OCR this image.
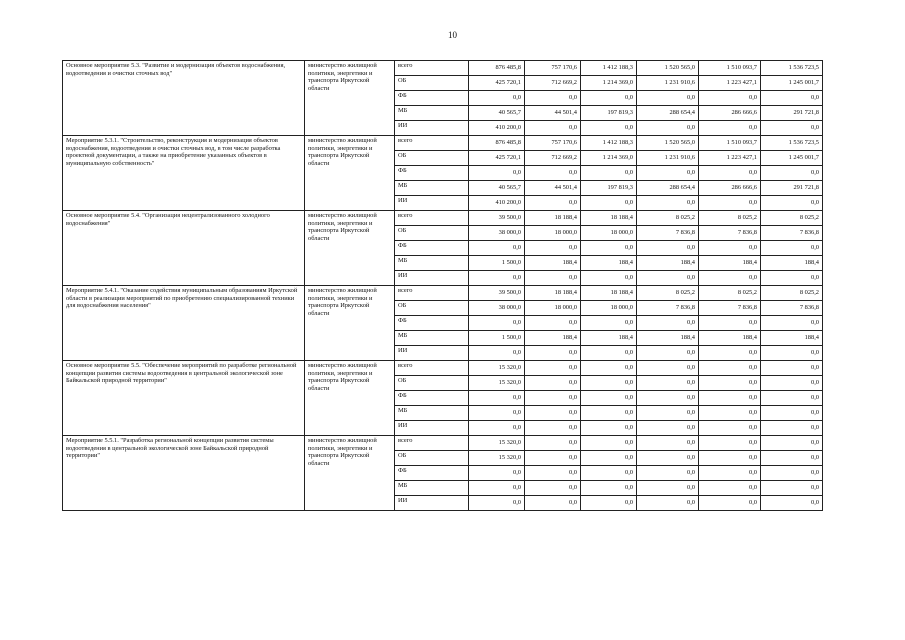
10
Основное мероприятие 5.3. "Развитие и модернизация объектов водоснабжения, водоотведения и очистки сточных вод"	министерство жилищной политики, энергетики и транспорта Иркутской области	всего	876 485,8	757 170,6	1 412 188,3	1 520 565,0	1 510 093,7	1 536 723,5
		ОБ	425 720,1	712 669,2	1 214 369,0	1 231 910,6	1 223 427,1	1 245 001,7
		ФБ	0,0	0,0	0,0	0,0	0,0	0,0
		МБ	40 565,7	44 501,4	197 819,3	288 654,4	286 666,6	291 721,8
		ИИ	410 200,0	0,0	0,0	0,0	0,0	0,0
Мероприятие 5.3.1. "Строительство, реконструкция и модернизация объектов водоснабжения, водоотведения и очистки сточных вод, в том числе разработка проектной документации, а также на приобретение указанных объектов в муниципальную собственность"	министерство жилищной политики, энергетики и транспорта Иркутской области	всего	876 485,8	757 170,6	1 412 188,3	1 520 565,0	1 510 093,7	1 536 723,5
		ОБ	425 720,1	712 669,2	1 214 369,0	1 231 910,6	1 223 427,1	1 245 001,7
		ФБ	0,0	0,0	0,0	0,0	0,0	0,0
		МБ	40 565,7	44 501,4	197 819,3	288 654,4	286 666,6	291 721,8
		ИИ	410 200,0	0,0	0,0	0,0	0,0	0,0
Основное мероприятие 5.4. "Организация нецентрализованного холодного водоснабжения"	министерство жилищной политики, энергетики и транспорта Иркутской области	всего	39 500,0	18 188,4	18 188,4	8 025,2	8 025,2	8 025,2
		ОБ	38 000,0	18 000,0	18 000,0	7 836,8	7 836,8	7 836,8
		ФБ	0,0	0,0	0,0	0,0	0,0	0,0
		МБ	1 500,0	188,4	188,4	188,4	188,4	188,4
		ИИ	0,0	0,0	0,0	0,0	0,0	0,0
Мероприятие 5.4.1. "Оказание содействия муниципальным образованиям Иркутской области в реализации мероприятий по приобретению специализированной техники для водоснабжения населения"	министерство жилищной политики, энергетики и транспорта Иркутской области	всего	39 500,0	18 188,4	18 188,4	8 025,2	8 025,2	8 025,2
		ОБ	38 000,0	18 000,0	18 000,0	7 836,8	7 836,8	7 836,8
		ФБ	0,0	0,0	0,0	0,0	0,0	0,0
		МБ	1 500,0	188,4	188,4	188,4	188,4	188,4
		ИИ	0,0	0,0	0,0	0,0	0,0	0,0
Основное мероприятие 5.5. "Обеспечение мероприятий по разработке региональной концепции развития системы водоотведения в центральной экологической зоне Байкальской природной территории"	министерство жилищной политики, энергетики и транспорта Иркутской области	всего	15 320,0	0,0	0,0	0,0	0,0	0,0
		ОБ	15 320,0	0,0	0,0	0,0	0,0	0,0
		ФБ	0,0	0,0	0,0	0,0	0,0	0,0
		МБ	0,0	0,0	0,0	0,0	0,0	0,0
		ИИ	0,0	0,0	0,0	0,0	0,0	0,0
Мероприятие 5.5.1. "Разработка региональной концепции развития системы водоотведения в центральной экологической зоне Байкальской природной территории"	министерство жилищной политики, энергетики и транспорта Иркутской области	всего	15 320,0	0,0	0,0	0,0	0,0	0,0
		ОБ	15 320,0	0,0	0,0	0,0	0,0	0,0
		ФБ	0,0	0,0	0,0	0,0	0,0	0,0
		МБ	0,0	0,0	0,0	0,0	0,0	0,0
		ИИ	0,0	0,0	0,0	0,0	0,0	0,0
